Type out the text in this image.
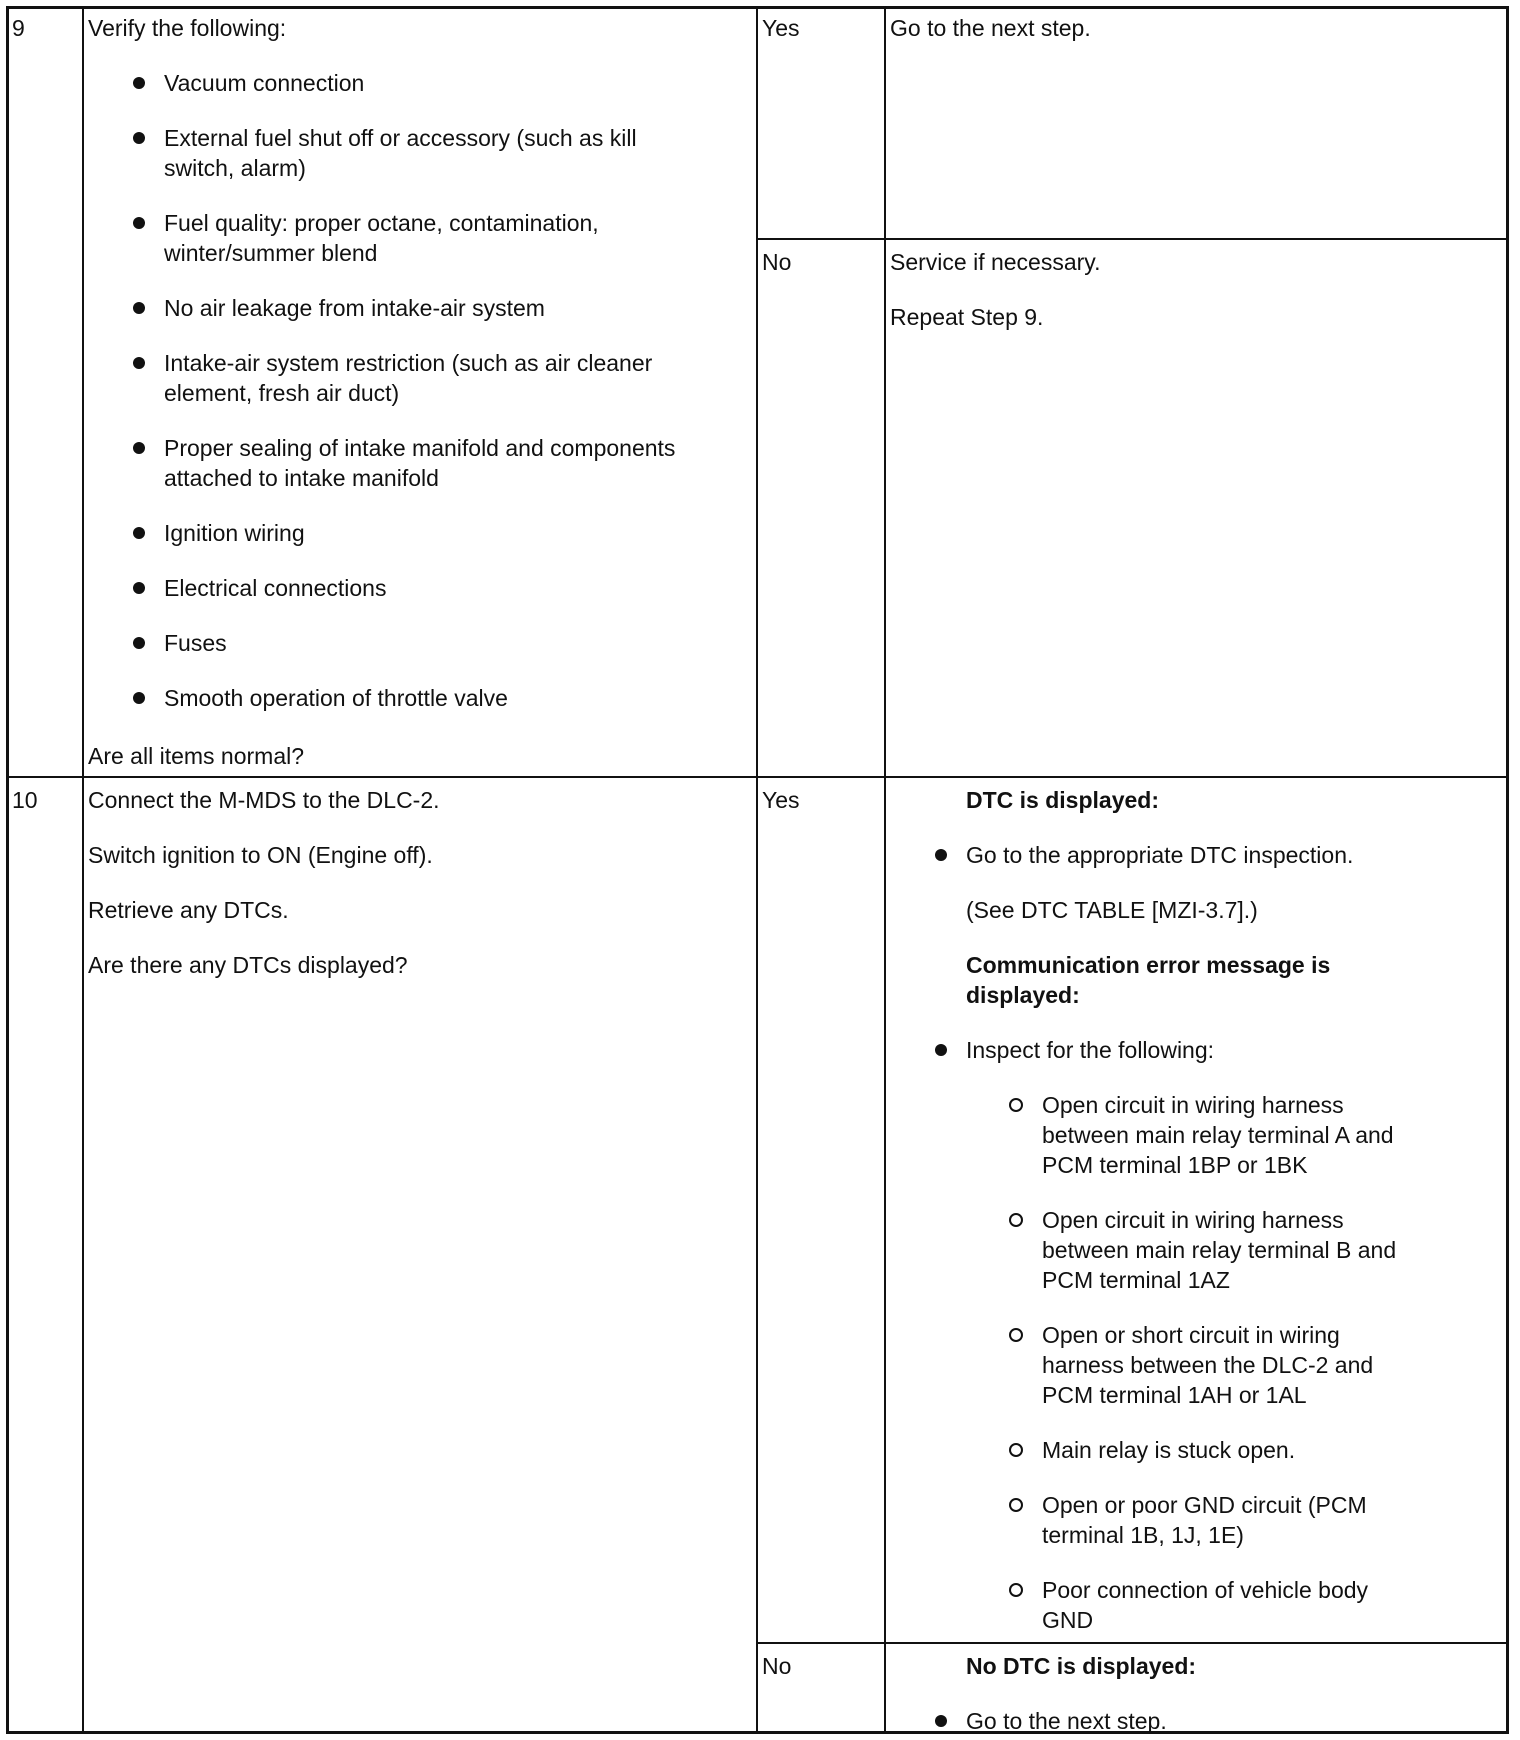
9	Verify the following:
Vacuum connection
External fuel shut off or accessory (such as kill
switch, alarm)
Fuel quality: proper octane, contamination,
winter/summer blend
No air leakage from intake-air system
Intake-air system restriction (such as air cleaner
element, fresh air duct)
Proper sealing of intake manifold and components
attached to intake manifold
Ignition wiring
Electrical connections
Fuses
Smooth operation of throttle valve
Are all items normal?
Yes	Go to the next step.
No	Service if necessary.
Repeat Step 9.
10 Connect the M-MDS to the DLC-2.
Switch ignition to ON (Engine off).
Retrieve any DTCs.
Are there any DTCs displayed?
Yes	DTC is displayed:
Go to the appropriate DTC inspection.
(See DTC TABLE [MZI-3.7].)
Communication error message is
displayed:
Inspect for the following:
Open circuit in wiring harness
between main relay terminal A and
PCM terminal 1BP or 1BK
Open circuit in wiring harness
between main relay terminal B and
PCM terminal 1AZ
Open or short circuit in wiring
harness between the DLC-2 and
PCM terminal 1AH or 1AL
Main relay is stuck open.
Open or poor GND circuit (PCM
terminal 1B, 1J, 1E)
Poor connection of vehicle body
GND
No	No DTC is displayed:
Go to the next step.
